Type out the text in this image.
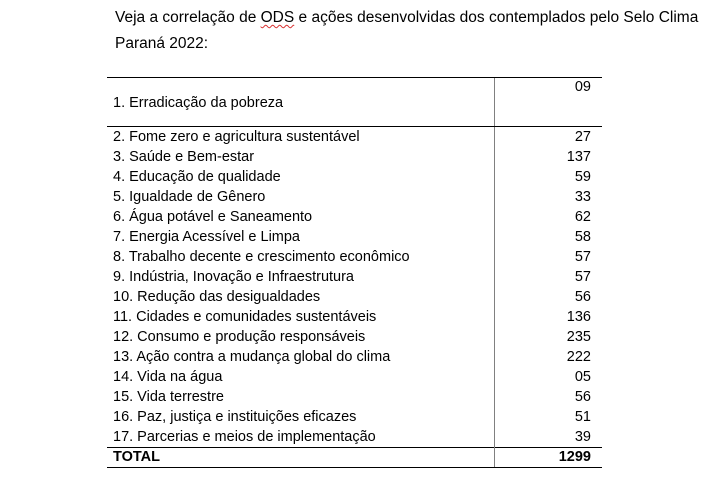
Veja a correlação de ODS e ações desenvolvidas dos contemplados pelo Selo Clima Paraná 2022:

1. Erradicação da pobreza	09
2. Fome zero e agricultura sustentável	27
3. Saúde e Bem-estar	137
4. Educação de qualidade	59
5. Igualdade de Gênero	33
6. Água potável e Saneamento	62
7. Energia Acessível e Limpa	58
8. Trabalho decente e crescimento econômico	57
9. Indústria, Inovação e Infraestrutura	57
10. Redução das desigualdades	56
11. Cidades e comunidades sustentáveis	136
12. Consumo e produção responsáveis	235
13. Ação contra a mudança global do clima	222
14. Vida na água	05
15. Vida terrestre	56
16. Paz, justiça e instituições eficazes	51
17. Parcerias e meios de implementação	39
TOTAL	1299
